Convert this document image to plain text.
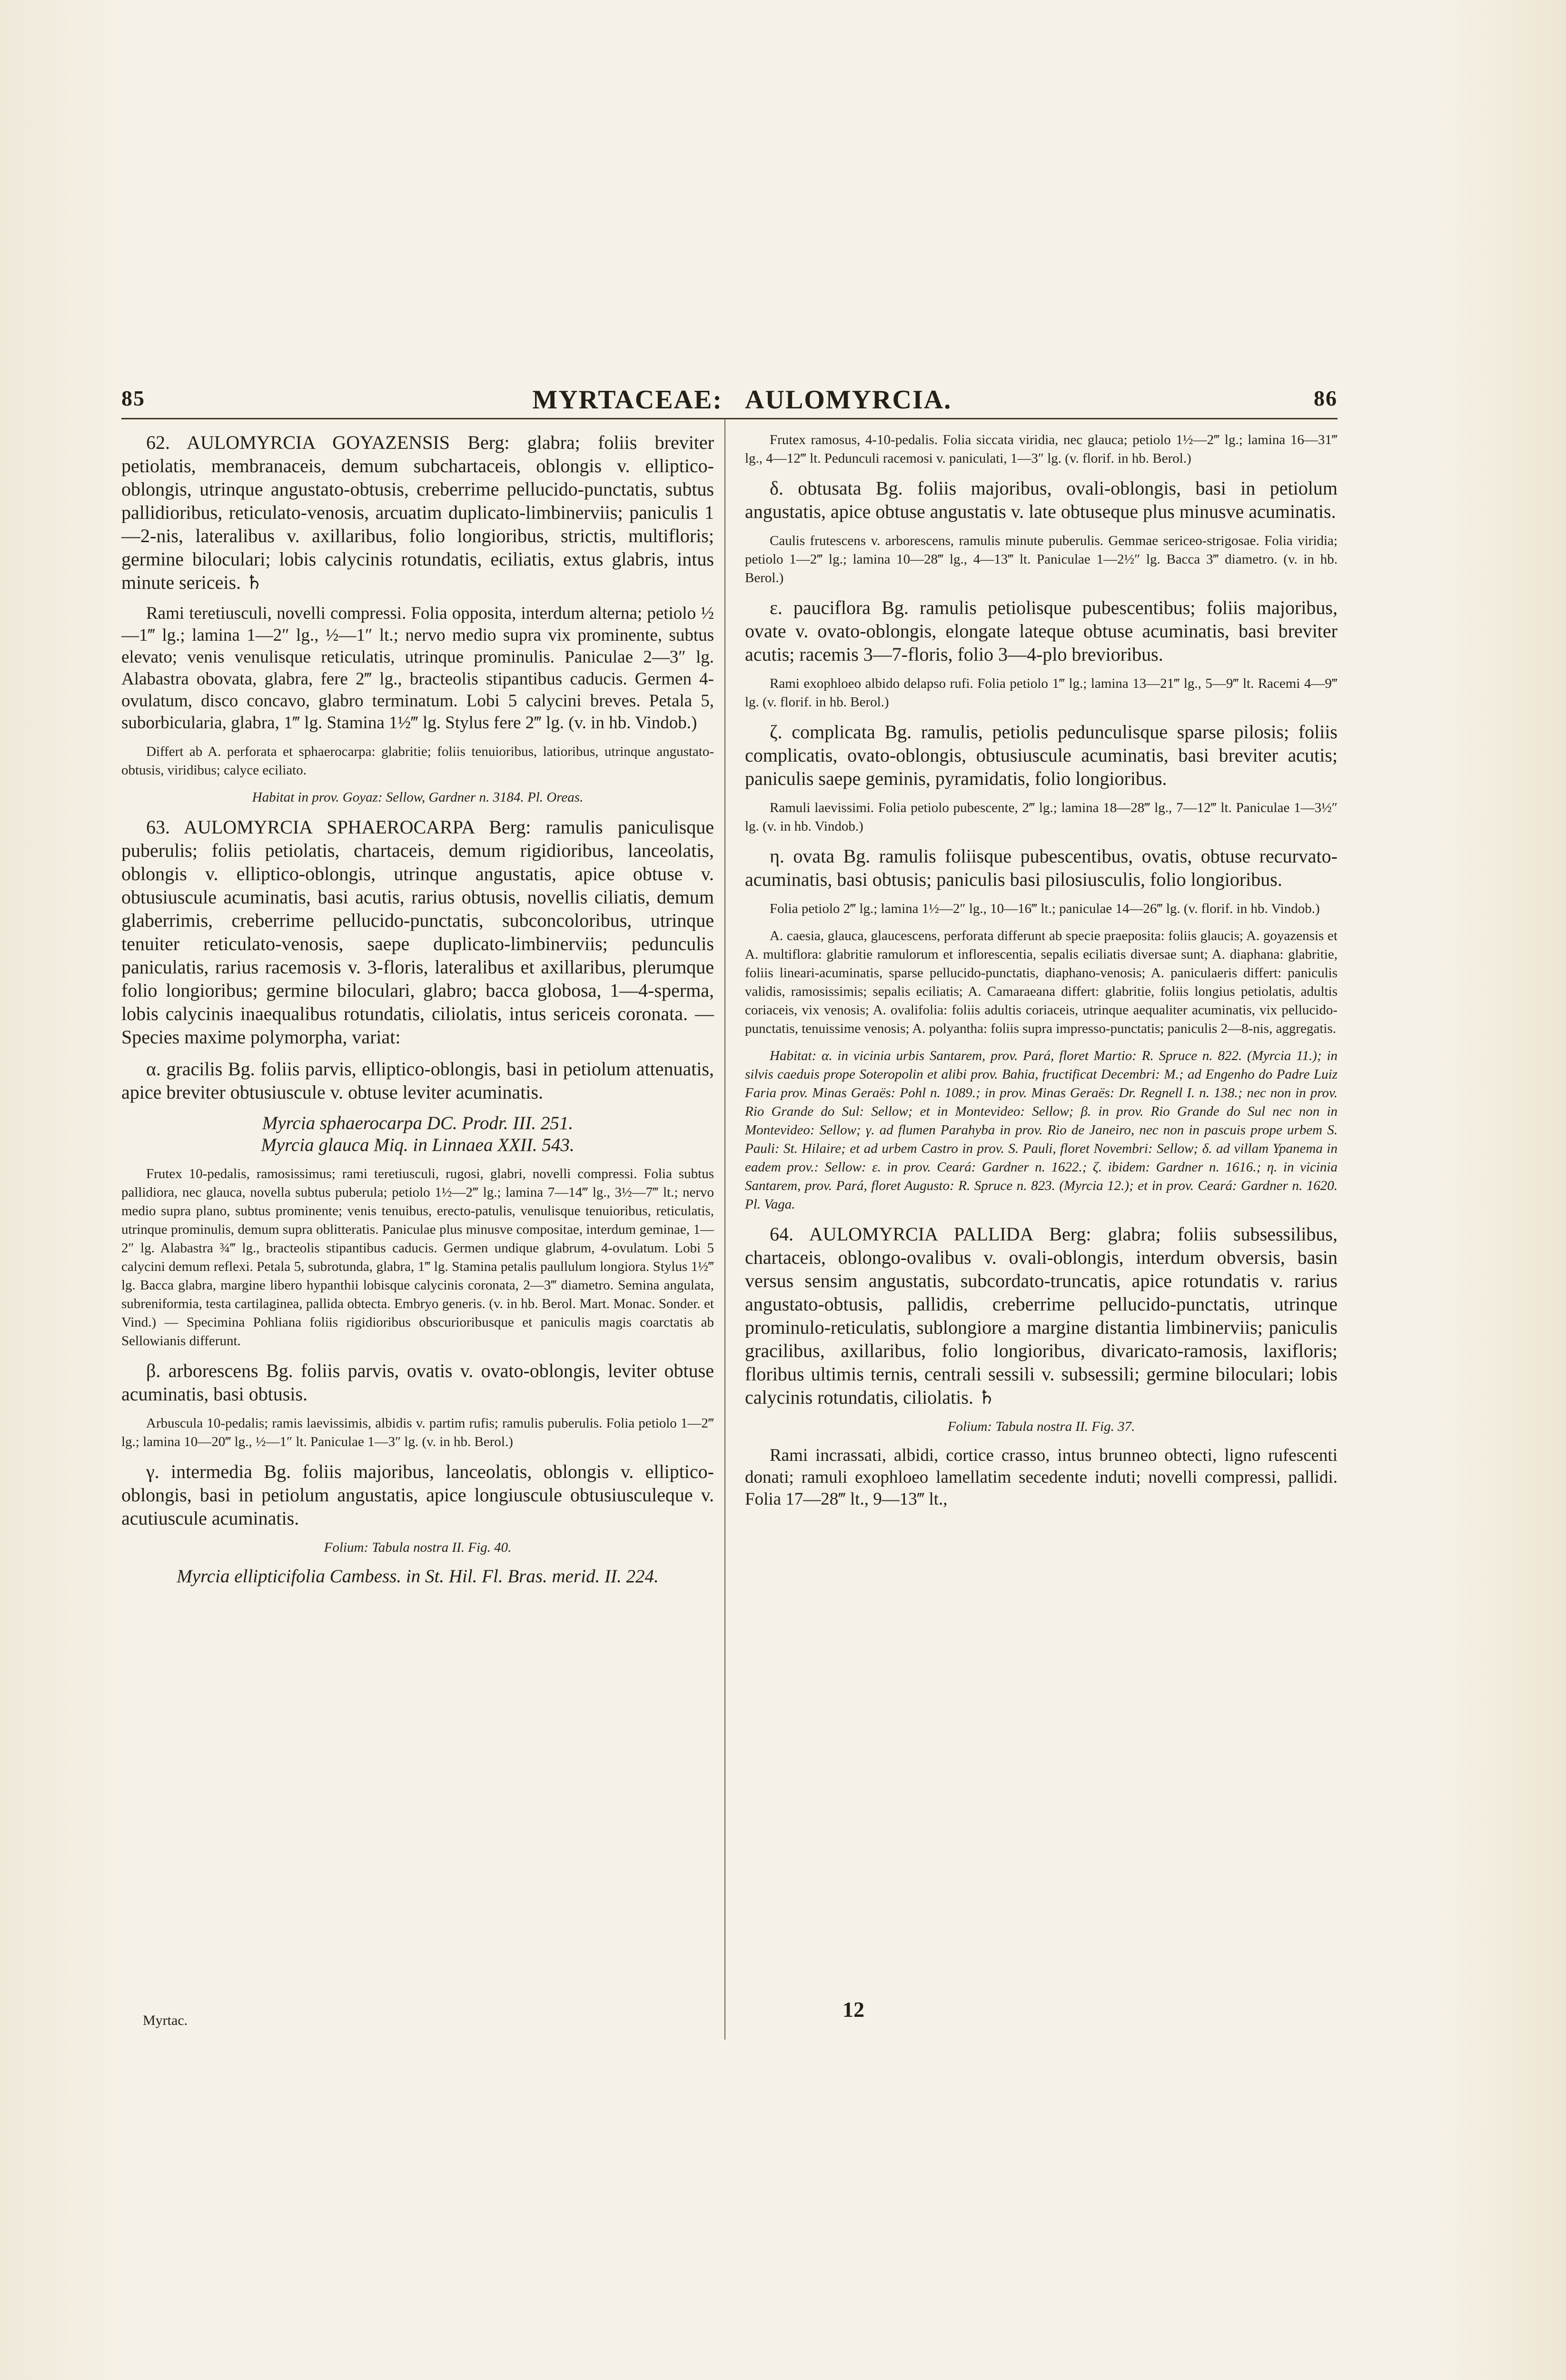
85	MYRTACEAE: AULOMYRCIA.	86

62. AULOMYRCIA GOYAZENSIS Berg: glabra; foliis breviter petiolatis, membranaceis, demum subchartaceis, oblongis v. elliptico-oblongis, utrinque angustato-obtusis, creberrime pellucido-punctatis, subtus pallidioribus, reticulato-venosis, arcuatim duplicato-limbinerviis; paniculis 1—2-nis, lateralibus v. axillaribus, folio longioribus, strictis, multifloris; germine biloculari; lobis calycinis rotundatis, eciliatis, extus glabris, intus minute sericeis. ♄

Rami teretiusculi, novelli compressi. Folia opposita, interdum alterna; petiolo ½—1‴ lg.; lamina 1—2″ lg., ½—1″ lt.; nervo medio supra vix prominente, subtus elevato; venis venulisque reticulatis, utrinque prominulis. Paniculae 2—3″ lg. Alabastra obovata, glabra, fere 2‴ lg., bracteolis stipantibus caducis. Germen 4-ovulatum, disco concavo, glabro terminatum. Lobi 5 calycini breves. Petala 5, suborbicularia, glabra, 1‴ lg. Stamina 1½‴ lg. Stylus fere 2‴ lg. (v. in hb. Vindob.)

Differt ab A. perforata et sphaerocarpa: glabritie; foliis tenuioribus, latioribus, utrinque angustato-obtusis, viridibus; calyce eciliato.

Habitat in prov. Goyaz: Sellow, Gardner n. 3184. Pl. Oreas.

63. AULOMYRCIA SPHAEROCARPA Berg: ramulis paniculisque puberulis; foliis petiolatis, chartaceis, demum rigidioribus, lanceolatis, oblongis v. elliptico-oblongis, utrinque angustatis, apice obtuse v. obtusiuscule acuminatis, basi acutis, rarius obtusis, novellis ciliatis, demum glaberrimis, creberrime pellucido-punctatis, subconcoloribus, utrinque tenuiter reticulato-venosis, saepe duplicato-limbinerviis; pedunculis paniculatis, rarius racemosis v. 3-floris, lateralibus et axillaribus, plerumque folio longioribus; germine biloculari, glabro; bacca globosa, 1—4-sperma, lobis calycinis inaequalibus rotundatis, ciliolatis, intus sericeis coronata. — Species maxime polymorpha, variat:

α. gracilis Bg. foliis parvis, elliptico-oblongis, basi in petiolum attenuatis, apice breviter obtusiuscule v. obtuse leviter acuminatis.

Myrcia sphaerocarpa DC. Prodr. III. 251.

Myrcia glauca Miq. in Linnaea XXII. 543.

Frutex 10-pedalis, ramosissimus; rami teretiusculi, rugosi, glabri, novelli compressi. Folia subtus pallidiora, nec glauca, novella subtus puberula; petiolo 1½—2‴ lg.; lamina 7—14‴ lg., 3½—7‴ lt.; nervo medio supra plano, subtus prominente; venis tenuibus, erecto-patulis, venulisque tenuioribus, reticulatis, utrinque prominulis, demum supra oblitteratis. Paniculae plus minusve compositae, interdum geminae, 1—2″ lg. Alabastra ¾‴ lg., bracteolis stipantibus caducis. Germen undique glabrum, 4-ovulatum. Lobi 5 calycini demum reflexi. Petala 5, subrotunda, glabra, 1‴ lg. Stamina petalis paullulum longiora. Stylus 1½‴ lg. Bacca glabra, margine libero hypanthii lobisque calycinis coronata, 2—3‴ diametro. Semina angulata, subreniformia, testa cartilaginea, pallida obtecta. Embryo generis. (v. in hb. Berol. Mart. Monac. Sonder. et Vind.) — Specimina Pohliana foliis rigidioribus obscurioribusque et paniculis magis coarctatis ab Sellowianis differunt.

β. arborescens Bg. foliis parvis, ovatis v. ovato-oblongis, leviter obtuse acuminatis, basi obtusis.

Arbuscula 10-pedalis; ramis laevissimis, albidis v. partim rufis; ramulis puberulis. Folia petiolo 1—2‴ lg.; lamina 10—20‴ lg., ½—1″ lt. Paniculae 1—3″ lg. (v. in hb. Berol.)

γ. intermedia Bg. foliis majoribus, lanceolatis, oblongis v. elliptico-oblongis, basi in petiolum angustatis, apice longiuscule obtusiusculeque v. acutiuscule acuminatis.

Folium: Tabula nostra II. Fig. 40.

Myrcia ellipticifolia Cambess. in St. Hil. Fl. Bras. merid. II. 224.

Frutex ramosus, 4-10-pedalis. Folia siccata viridia, nec glauca; petiolo 1½—2‴ lg.; lamina 16—31‴ lg., 4—12‴ lt. Pedunculi racemosi v. paniculati, 1—3″ lg. (v. florif. in hb. Berol.)

δ. obtusata Bg. foliis majoribus, ovali-oblongis, basi in petiolum angustatis, apice obtuse angustatis v. late obtuseque plus minusve acuminatis.

Caulis frutescens v. arborescens, ramulis minute puberulis. Gemmae sericeo-strigosae. Folia viridia; petiolo 1—2‴ lg.; lamina 10—28‴ lg., 4—13‴ lt. Paniculae 1—2½″ lg. Bacca 3‴ diametro. (v. in hb. Berol.)

ε. pauciflora Bg. ramulis petiolisque pubescentibus; foliis majoribus, ovate v. ovato-oblongis, elongate lateque obtuse acuminatis, basi breviter acutis; racemis 3—7-floris, folio 3—4-plo brevioribus.

Rami exophloeo albido delapso rufi. Folia petiolo 1‴ lg.; lamina 13—21‴ lg., 5—9‴ lt. Racemi 4—9‴ lg. (v. florif. in hb. Berol.)

ζ. complicata Bg. ramulis, petiolis pedunculisque sparse pilosis; foliis complicatis, ovato-oblongis, obtusiuscule acuminatis, basi breviter acutis; paniculis saepe geminis, pyramidatis, folio longioribus.

Ramuli laevissimi. Folia petiolo pubescente, 2‴ lg.; lamina 18—28‴ lg., 7—12‴ lt. Paniculae 1—3½″ lg. (v. in hb. Vindob.)

η. ovata Bg. ramulis foliisque pubescentibus, ovatis, obtuse recurvato-acuminatis, basi obtusis; paniculis basi pilosiusculis, folio longioribus.

Folia petiolo 2‴ lg.; lamina 1½—2″ lg., 10—16‴ lt.; paniculae 14—26‴ lg. (v. florif. in hb. Vindob.)

A. caesia, glauca, glaucescens, perforata differunt ab specie praeposita: foliis glaucis; A. goyazensis et A. multiflora: glabritie ramulorum et inflorescentia, sepalis eciliatis diversae sunt; A. diaphana: glabritie, foliis lineari-acuminatis, sparse pellucido-punctatis, diaphano-venosis; A. paniculaeris differt: paniculis validis, ramosissimis; sepalis eciliatis; A. Camaraeana differt: glabritie, foliis longius petiolatis, adultis coriaceis, vix venosis; A. ovalifolia: foliis adultis coriaceis, utrinque aequaliter acuminatis, vix pellucido-punctatis, tenuissime venosis; A. polyantha: foliis supra impresso-punctatis; paniculis 2—8-nis, aggregatis.

Habitat: α. in vicinia urbis Santarem, prov. Pará, floret Martio: R. Spruce n. 822. (Myrcia 11.); in silvis caeduis prope Soteropolin et alibi prov. Bahia, fructificat Decembri: M.; ad Engenho do Padre Luiz Faria prov. Minas Geraës: Pohl n. 1089.; in prov. Minas Geraës: Dr. Regnell I. n. 138.; nec non in prov. Rio Grande do Sul: Sellow; et in Montevideo: Sellow; β. in prov. Rio Grande do Sul nec non in Montevideo: Sellow; γ. ad flumen Parahyba in prov. Rio de Janeiro, nec non in pascuis prope urbem S. Pauli: St. Hilaire; et ad urbem Castro in prov. S. Pauli, floret Novembri: Sellow; δ. ad villam Ypanema in eadem prov.: Sellow: ε. in prov. Ceará: Gardner n. 1622.; ζ. ibidem: Gardner n. 1616.; η. in vicinia Santarem, prov. Pará, floret Augusto: R. Spruce n. 823. (Myrcia 12.); et in prov. Ceará: Gardner n. 1620. Pl. Vaga.

64. AULOMYRCIA PALLIDA Berg: glabra; foliis subsessilibus, chartaceis, oblongo-ovalibus v. ovali-oblongis, interdum obversis, basin versus sensim angustatis, subcordato-truncatis, apice rotundatis v. rarius angustato-obtusis, pallidis, creberrime pellucido-punctatis, utrinque prominulo-reticulatis, sublongiore a margine distantia limbinerviis; paniculis gracilibus, axillaribus, folio longioribus, divaricato-ramosis, laxifloris; floribus ultimis ternis, centrali sessili v. subsessili; germine biloculari; lobis calycinis rotundatis, ciliolatis. ♄

Folium: Tabula nostra II. Fig. 37.

Rami incrassati, albidi, cortice crasso, intus brunneo obtecti, ligno rufescenti donati; ramuli exophloeo lamellatim secedente induti; novelli compressi, pallidi. Folia 17—28‴ lt., 9—13‴ lt.,

Myrtac.	12
